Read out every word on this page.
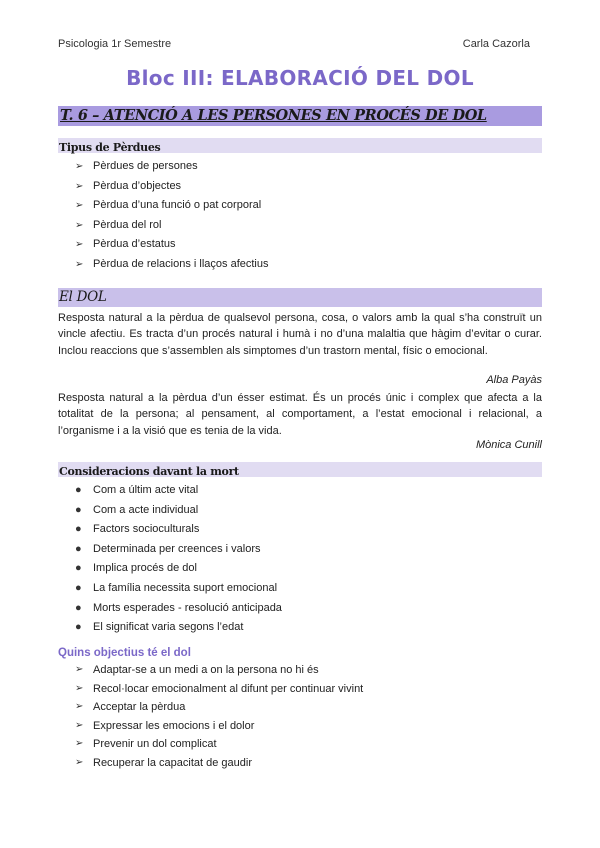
Psicologia 1r Semestre	Carla Cazorla
Bloc III: ELABORACIÓ DEL DOL
T. 6 – ATENCIÓ A LES PERSONES EN PROCÉS DE DOL
Tipus de Pèrdues
➢ Pèrdues de persones
➢ Pèrdua d’objectes
➢ Pèrdua d’una funció o pat corporal
➢ Pèrdua del rol
➢ Pèrdua d’estatus
➢ Pèrdua de relacions i llaços afectius
El DOL
Resposta natural a la pèrdua de qualsevol persona, cosa, o valors amb la qual s’ha construït un vincle afectiu. Es tracta d’un procés natural i humà i no d’una malaltia que hàgim d’evitar o curar. Inclou reaccions que s’assemblen als simptomes d’un trastorn mental, físic o emocional.
Alba Payàs
Resposta natural a la pèrdua d’un ésser estimat. És un procés únic i complex que afecta a la totalitat de la persona; al pensament, al comportament, a l’estat emocional i relacional, a l’organisme i a la visió que es tenia de la vida.
Mònica Cunill
Consideracions davant la mort
● Com a últim acte vital
● Com a acte individual
● Factors socioculturals
● Determinada per creences i valors
● Implica procés de dol
● La família necessita suport emocional
● Morts esperades - resolució anticipada
● El significat varia segons l’edat
Quins objectius té el dol
➢ Adaptar-se a un medi a on la persona no hi és
➢ Recol·locar emocionalment al difunt per continuar vivint
➢ Acceptar la pèrdua
➢ Expressar les emocions i el dolor
➢ Prevenir un dol complicat
➢ Recuperar la capacitat de gaudir
